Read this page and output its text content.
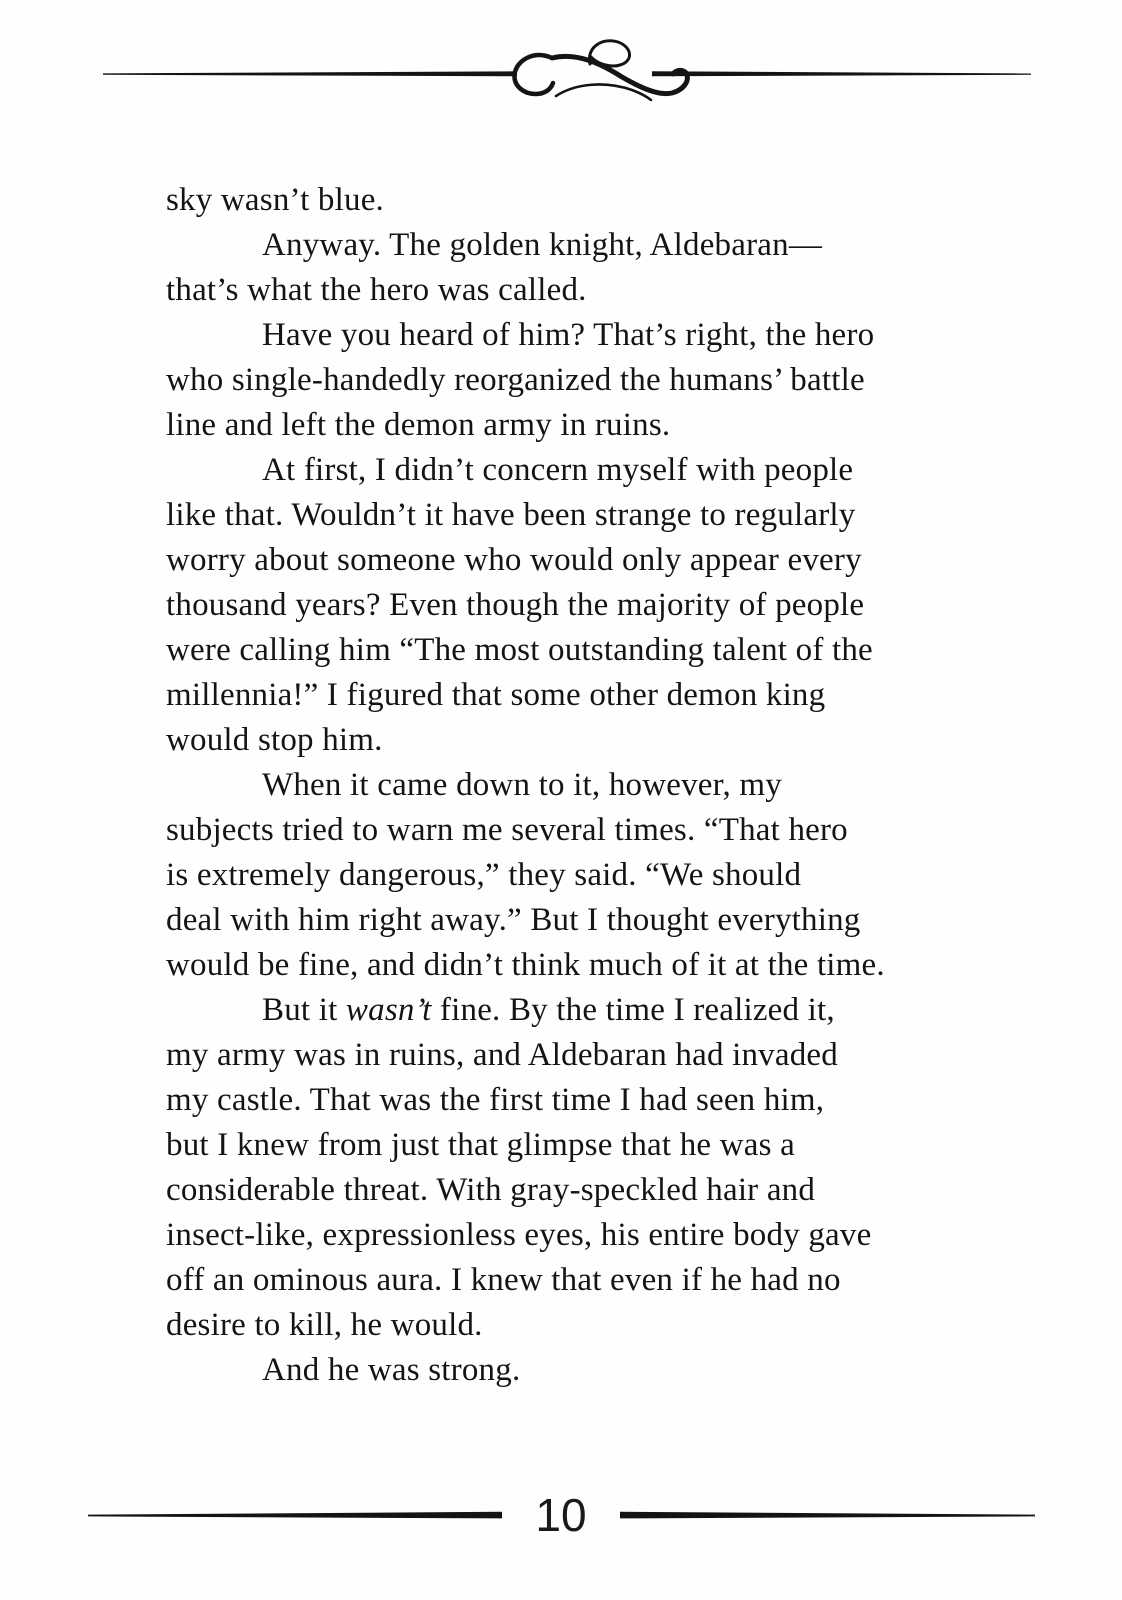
sky wasn’t blue.
Anyway. The golden knight, Aldebaran—
that’s what the hero was called.
Have you heard of him? That’s right, the hero
who single-handedly reorganized the humans’ battle
line and left the demon army in ruins.
At first, I didn’t concern myself with people
like that. Wouldn’t it have been strange to regularly
worry about someone who would only appear every
thousand years? Even though the majority of people
were calling him “The most outstanding talent of the
millennia!” I figured that some other demon king
would stop him.
When it came down to it, however, my
subjects tried to warn me several times. “That hero
is extremely dangerous,” they said. “We should
deal with him right away.” But I thought everything
would be fine, and didn’t think much of it at the time.
But it wasn’t fine. By the time I realized it,
my army was in ruins, and Aldebaran had invaded
my castle. That was the first time I had seen him,
but I knew from just that glimpse that he was a
considerable threat. With gray-speckled hair and
insect-like, expressionless eyes, his entire body gave
off an ominous aura. I knew that even if he had no
desire to kill, he would.
And he was strong.
10
